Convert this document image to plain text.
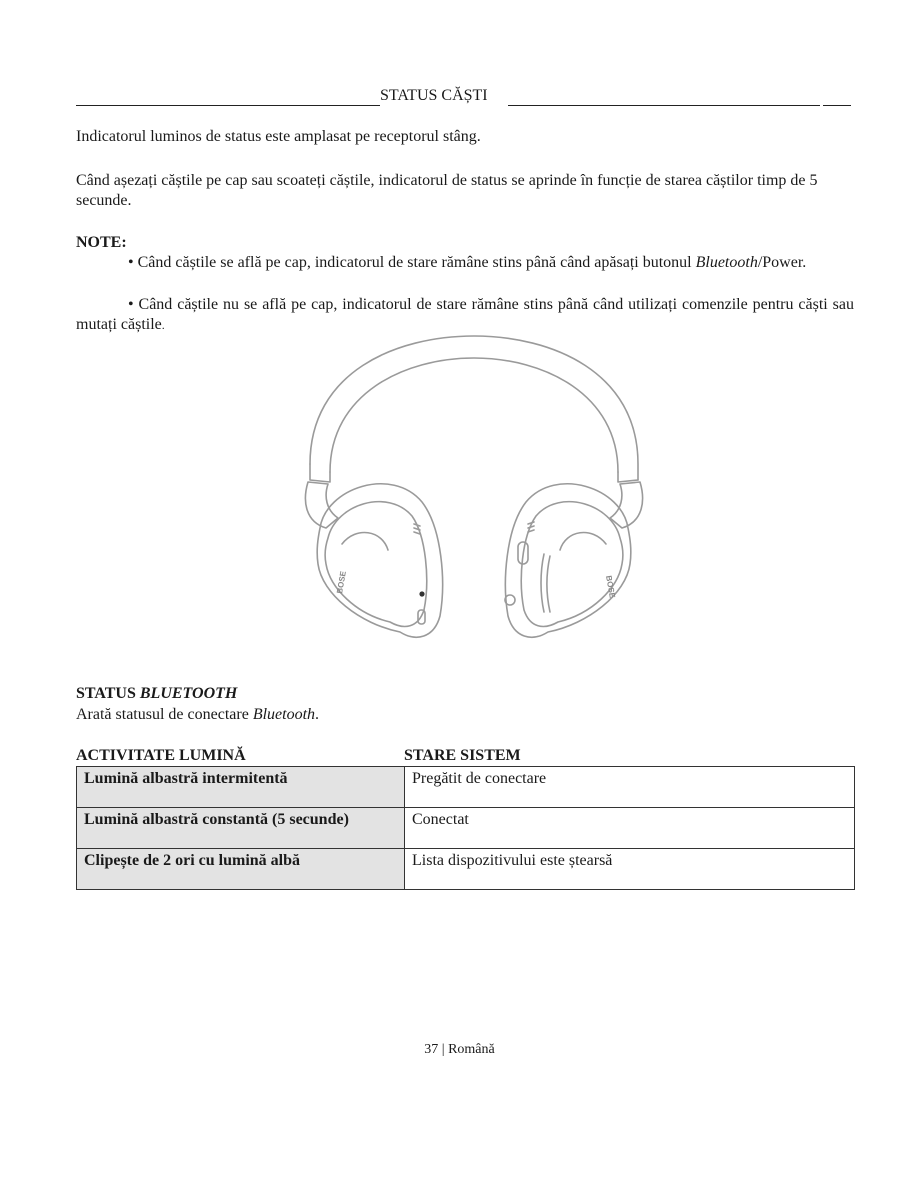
STATUS CĂȘTI

Indicatorul luminos de status este amplasat pe receptorul stâng.

Când așezați căștile pe cap sau scoateți căștile, indicatorul de status se aprinde în funcție de starea căștilor timp de 5 secunde.

NOTE:

• Când căștile se află pe cap, indicatorul de stare rămâne stins până când apăsați butonul Bluetooth/Power.

• Când căștile nu se află pe cap, indicatorul de stare rămâne stins până când utilizați comenzile pentru căști sau mutați căștile.

BOSE	BOSE

STATUS BLUETOOTH

Arată statusul de conectare Bluetooth.

ACTIVITATE LUMINĂ	STARE SISTEM

Lumină albastră intermitentă	Pregătit de conectare
Lumină albastră constantă (5 secunde)	Conectat
Clipește de 2 ori cu lumină albă	Lista dispozitivului este ștearsă
37 | Română
